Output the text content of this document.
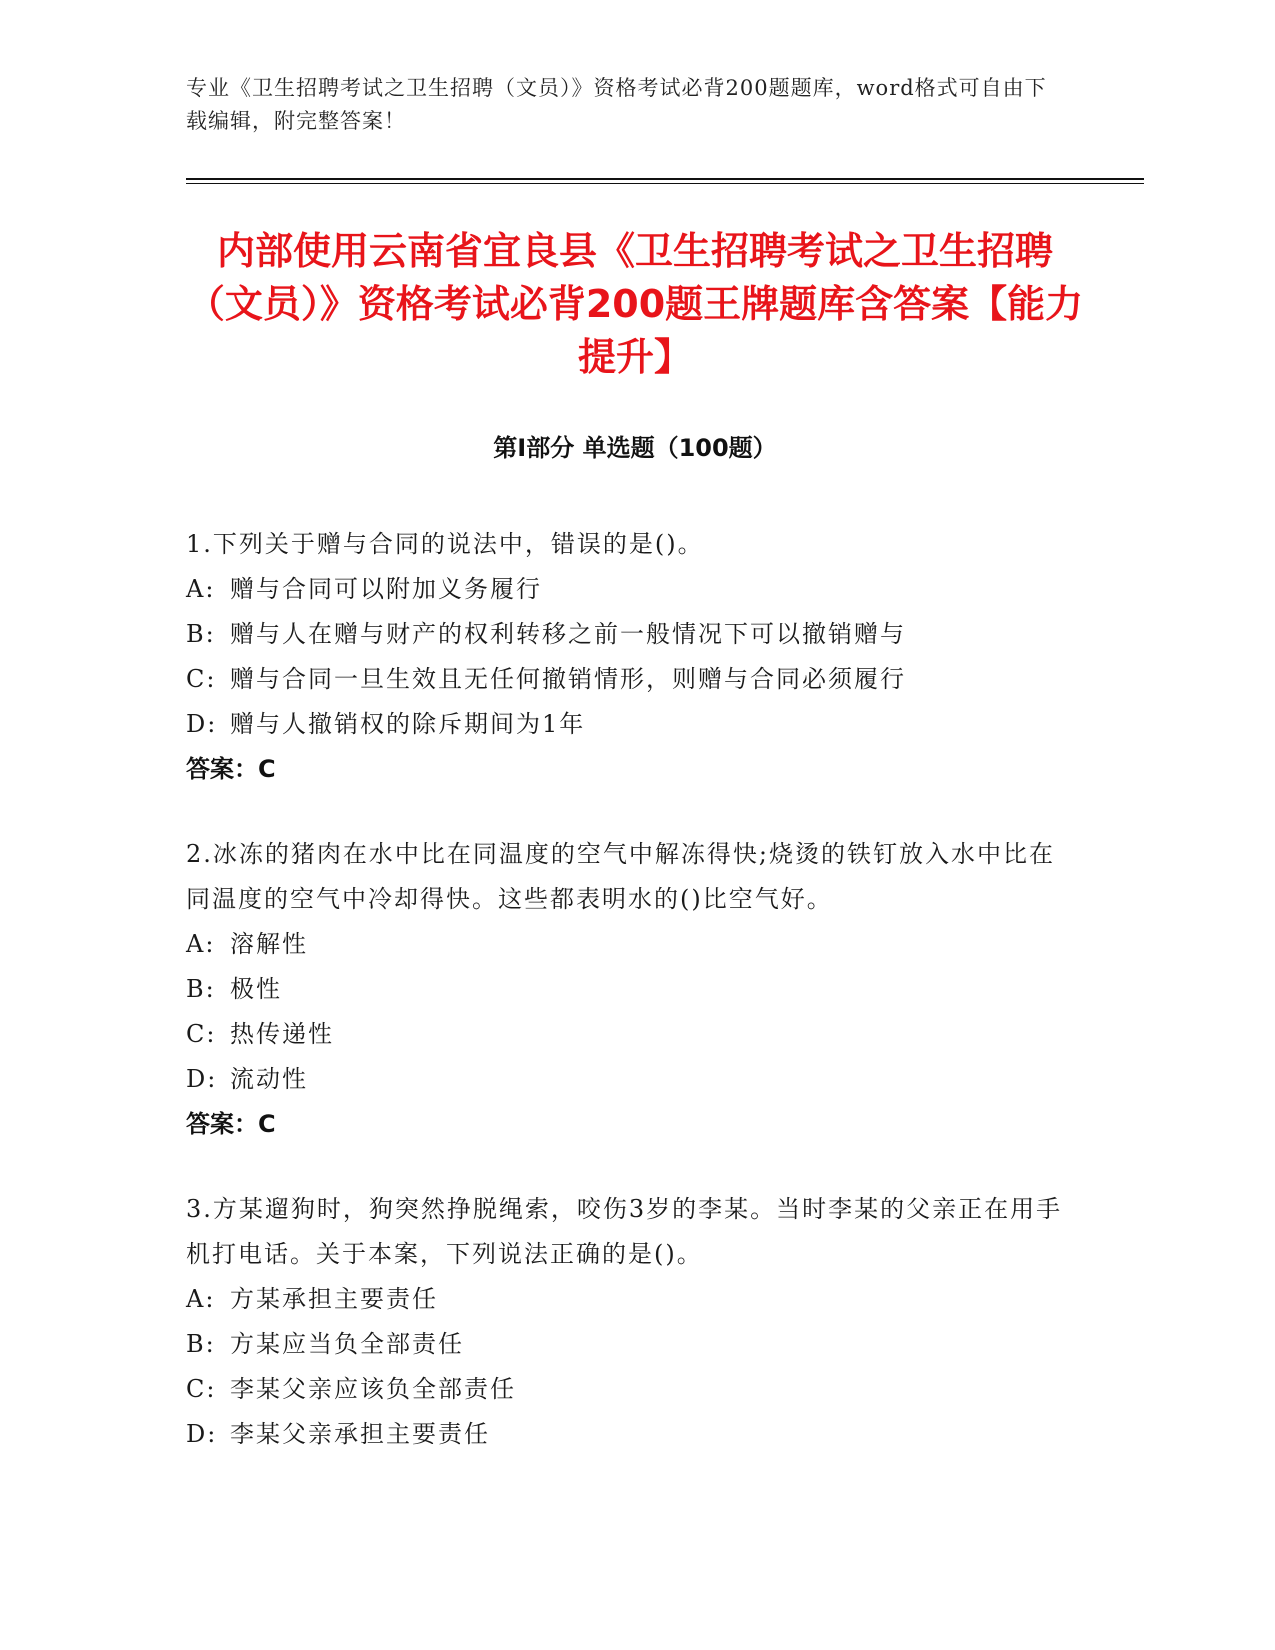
专业《卫生招聘考试之卫生招聘（文员）》资格考试必背200题题库，word格式可自由下载编辑，附完整答案！
内部使用云南省宜良县《卫生招聘考试之卫生招聘（文员）》资格考试必背200题王牌题库含答案【能力提升】
第Ⅰ部分 单选题（100题）

1.下列关于赠与合同的说法中，错误的是()。

A: 赠与合同可以附加义务履行

B: 赠与人在赠与财产的权利转移之前一般情况下可以撤销赠与

C: 赠与合同一旦生效且无任何撤销情形，则赠与合同必须履行

D: 赠与人撤销权的除斥期间为1年

答案：C

2.冰冻的猪肉在水中比在同温度的空气中解冻得快;烧烫的铁钉放入水中比在同温度的空气中冷却得快。这些都表明水的()比空气好。

A: 溶解性

B: 极性

C: 热传递性

D: 流动性

答案：C

3.方某遛狗时，狗突然挣脱绳索，咬伤3岁的李某。当时李某的父亲正在用手机打电话。关于本案，下列说法正确的是()。

A: 方某承担主要责任

B: 方某应当负全部责任

C: 李某父亲应该负全部责任

D: 李某父亲承担主要责任
